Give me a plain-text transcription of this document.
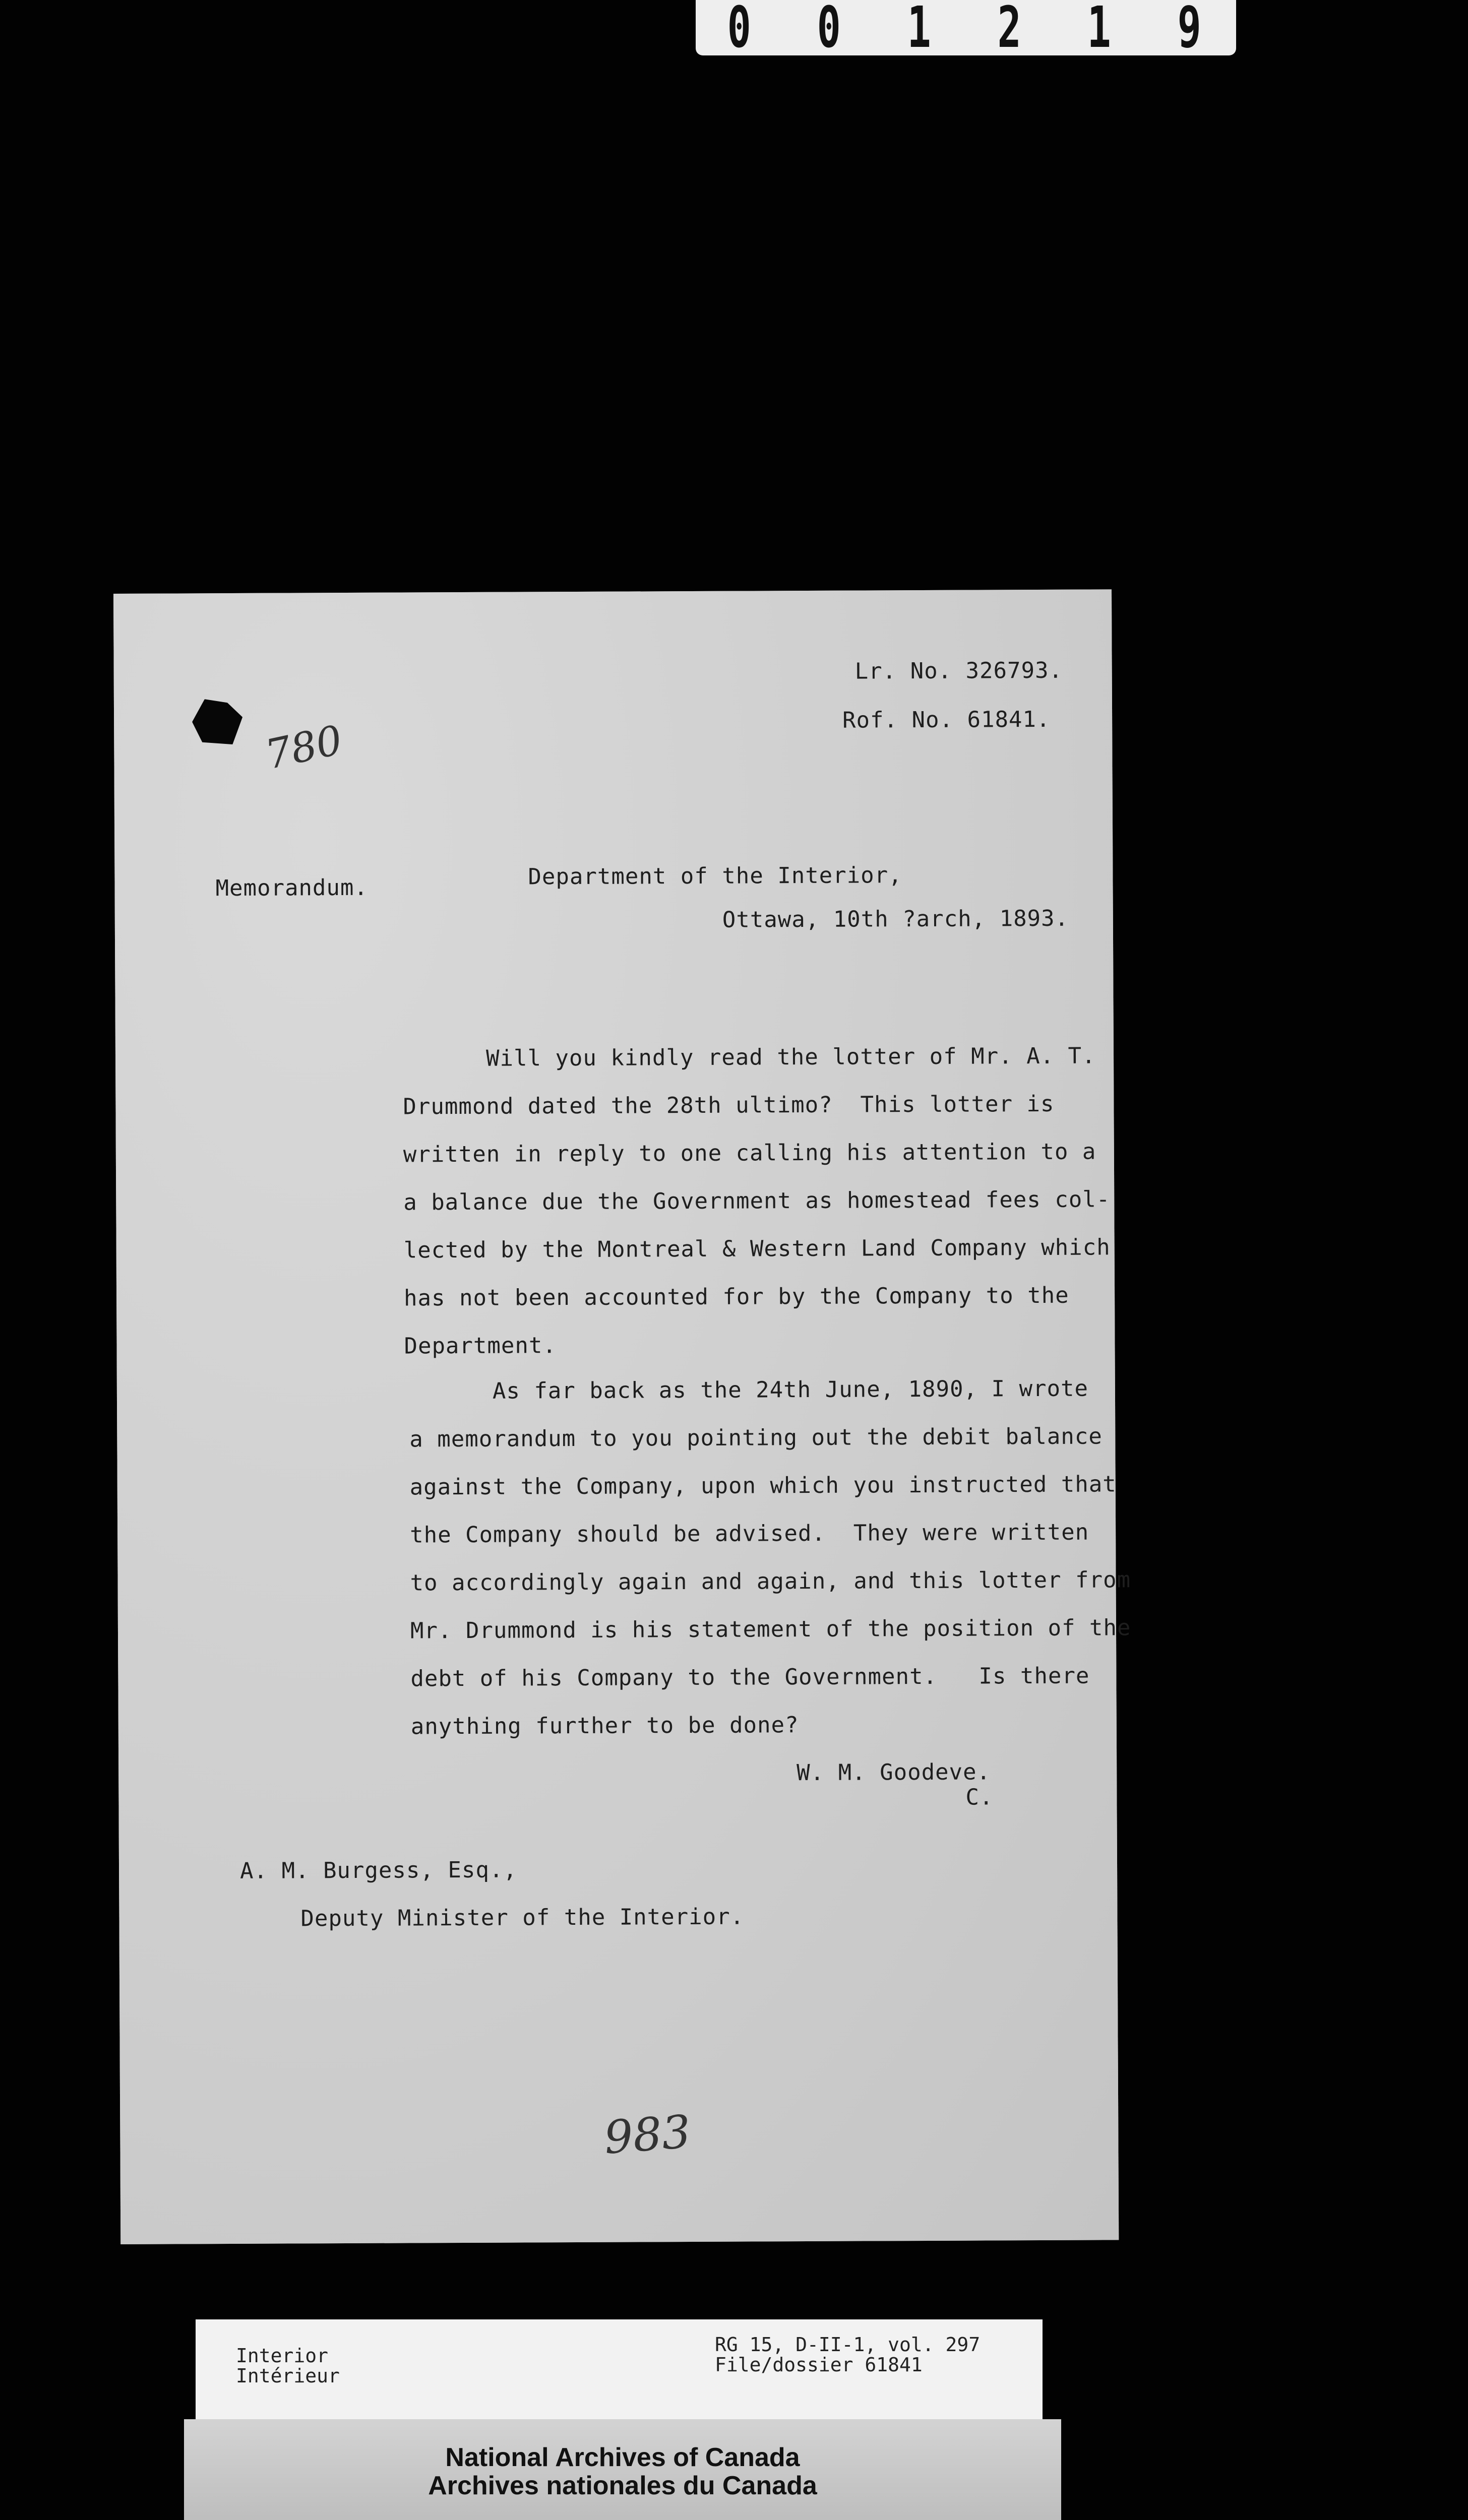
0 0 1 2 1 9
780
Lr. No. 326793.
Rof. No. 61841.
Memorandum.	Department of the Interior,
Ottawa, 10th ?arch, 1893.
Will you kindly read the lotter of Mr. A. T.
Drummond dated the 28th ultimo?  This lotter is
written in reply to one calling his attention to a
a balance due the Government as homestead fees col-
lected by the Montreal & Western Land Company which
has not been accounted for by the Company to the
Department.
As far back as the 24th June, 1890, I wrote
a memorandum to you pointing out the debit balance
against the Company, upon which you instructed that
the Company should be advised.  They were written
to accordingly again and again, and this lotter from
Mr. Drummond is his statement of the position of the
debt of his Company to the Government.   Is there
anything further to be done?
W. M. Goodeve.
C.
A. M. Burgess, Esq.,
Deputy Minister of the Interior.
983
Interior
Intérieur
RG 15, D-II-1, vol. 297
File/dossier 61841
National Archives of Canada
Archives nationales du Canada
